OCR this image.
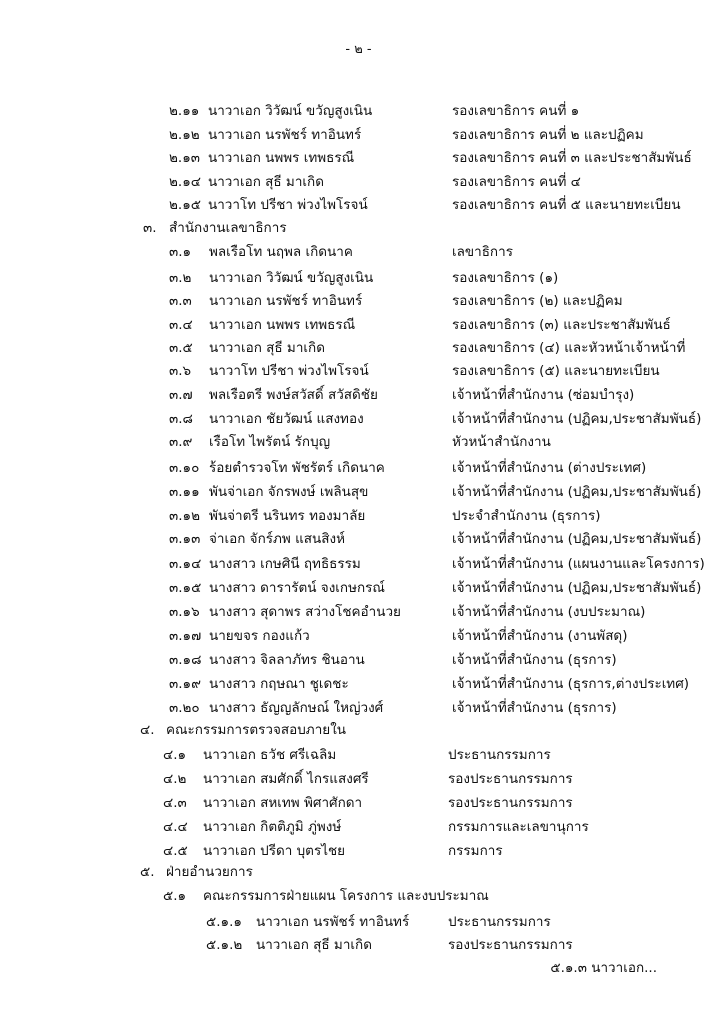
- ๒ -
๒.๑๑ นาวาเอก วิวัฒน์ ขวัญสูงเนิน	รองเลขาธิการ คนที่ ๑
๒.๑๒ นาวาเอก นรพัชร์ ทาอินทร์	รองเลขาธิการ คนที่ ๒ และปฏิคม
๒.๑๓ นาวาเอก นพพร เทพธรณี	รองเลขาธิการ คนที่ ๓ และประชาสัมพันธ์
๒.๑๔ นาวาเอก สุธี มาเกิด	รองเลขาธิการ คนที่ ๔
๒.๑๕ นาวาโท ปรีชา พ่วงไพโรจน์	รองเลขาธิการ คนที่ ๕ และนายทะเบียน
๓. สำนักงานเลขาธิการ
๓.๑ พลเรือโท นฤพล เกิดนาค	เลขาธิการ
๓.๒ นาวาเอก วิวัฒน์ ขวัญสูงเนิน	รองเลขาธิการ (๑)
๓.๓ นาวาเอก นรพัชร์ ทาอินทร์	รองเลขาธิการ (๒) และปฏิคม
๓.๔ นาวาเอก นพพร เทพธรณี	รองเลขาธิการ (๓) และประชาสัมพันธ์
๓.๕ นาวาเอก สุธี มาเกิด	รองเลขาธิการ (๔) และหัวหน้าเจ้าหน้าที่
๓.๖ นาวาโท ปรีชา พ่วงไพโรจน์	รองเลขาธิการ (๕) และนายทะเบียน
๓.๗ พลเรือตรี พงษ์สวัสดิ์ สวัสดิชัย	เจ้าหน้าที่สำนักงาน (ซ่อมบำรุง)
๓.๘ นาวาเอก ชัยวัฒน์ แสงทอง	เจ้าหน้าที่สำนักงาน (ปฏิคม,ประชาสัมพันธ์)
๓.๙ เรือโท ไพรัตน์ รักบุญ	หัวหน้าสำนักงาน
๓.๑๐ ร้อยตำรวจโท พัชรัตร์ เกิดนาค	เจ้าหน้าที่สำนักงาน (ต่างประเทศ)
๓.๑๑ พันจ่าเอก จักรพงษ์ เพลินสุข	เจ้าหน้าที่สำนักงาน (ปฏิคม,ประชาสัมพันธ์)
๓.๑๒ พันจ่าตรี นรินทร ทองมาลัย	ประจำสำนักงาน (ธุรการ)
๓.๑๓ จ่าเอก จักร์ภพ แสนสิงห์	เจ้าหน้าที่สำนักงาน (ปฏิคม,ประชาสัมพันธ์)
๓.๑๔ นางสาว เกษศินี ฤทธิธรรม	เจ้าหน้าที่สำนักงาน (แผนงานและโครงการ)
๓.๑๕ นางสาว ดารารัตน์ จงเกษกรณ์	เจ้าหน้าที่สำนักงาน (ปฏิคม,ประชาสัมพันธ์)
๓.๑๖ นางสาว สุดาพร สว่างโชคอำนวย	เจ้าหน้าที่สำนักงาน (งบประมาณ)
๓.๑๗ นายขจร กองแก้ว	เจ้าหน้าที่สำนักงาน (งานพัสดุ)
๓.๑๘ นางสาว จิลลาภัทร ชินอาน	เจ้าหน้าที่สำนักงาน (ธุรการ)
๓.๑๙ นางสาว กฤษณา ชูเดชะ	เจ้าหน้าที่สำนักงาน (ธุรการ,ต่างประเทศ)
๓.๒๐ นางสาว ธัญญลักษณ์ ใหญ่วงศ์	เจ้าหน้าที่สำนักงาน (ธุรการ)
๔. คณะกรรมการตรวจสอบภายใน
๔.๑ นาวาเอก ธวัช ศรีเฉลิม	ประธานกรรมการ
๔.๒ นาวาเอก สมศักดิ์ ไกรแสงศรี	รองประธานกรรมการ
๔.๓ นาวาเอก สหเทพ พิศาศักดา	รองประธานกรรมการ
๔.๔ นาวาเอก กิตติภูมิ ภู่พงษ์	กรรมการและเลขานุการ
๔.๕ นาวาเอก ปรีดา บุตรไชย	กรรมการ
๕. ฝ่ายอำนวยการ
๕.๑ คณะกรรมการฝ่ายแผน โครงการ และงบประมาณ
๕.๑.๑ นาวาเอก นรพัชร์ ทาอินทร์	ประธานกรรมการ
๕.๑.๒ นาวาเอก สุธี มาเกิด	รองประธานกรรมการ
๕.๑.๓ นาวาเอก...
